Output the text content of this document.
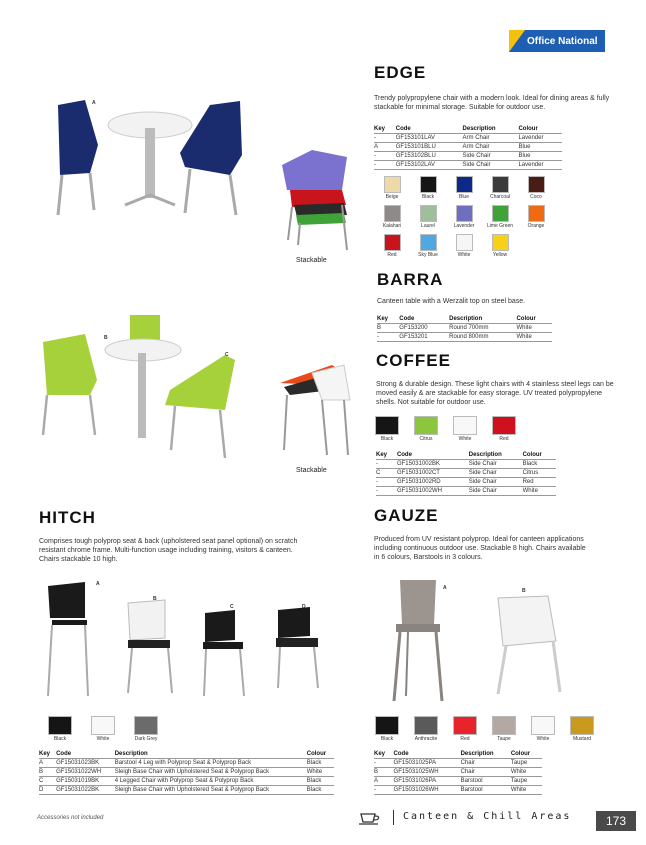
Office National
A
Stackable
EDGE
Trendy polypropylene chair with a modern look. Ideal for dining areas & fully stackable for minimal storage. Suitable for outdoor use.
Key	Code	Description	Colour
-	GF153101LAV	Arm Chair	Lavender
A	GF153101BLU	Arm Chair	Blue
-	GF153102BLU	Side Chair	Blue
-	GF153102LAV	Side Chair	Lavender
Beige	Black	Blue	Charcoal	Coco
Kalahari	Laurel	Lavender	Lime Green	Orange
Red	Sky Blue	White	Yellow
BARRA
Canteen table with a Werzalit top on steel base.
Key	Code	Description	Colour
B	GF153200	Round 700mm	White
-	GF153201	Round 800mm	White
B
C
Stackable
COFFEE
Strong & durable design. These light chairs with 4 stainless steel legs can be moved easily & are stackable for easy storage. UV treated polypropylene shells. Not suitable for outdoor use.
Black	Citrus	White	Red
Key	Code	Description	Colour
-	GF15031002BK	Side Chair	Black
C	GF15031002CT	Side Chair	Citrus
-	GF15031002RD	Side Chair	Red
-	GF15031002WH	Side Chair	White
HITCH
Comprises tough polyprop seat & back (upholstered seat panel optional) on scratch resistant chrome frame. Multi-function usage including training, visitors & canteen. Chairs stackable 10 high.
A
B
C	D
Black	White	Dark Grey
Key	Code	Description	Colour
A	GF15031023BK	Barstool 4 Leg with Polyprop Seat & Polyprop Back	Black
B	GF15031022WH	Sleigh Base Chair with Upholstered Seat & Polyprop Back	White
C	GF15031019BK	4 Legged Chair with Polyprop Seat & Polyprop Back	Black
D	GF15031022BK	Sleigh Base Chair with Upholstered Seat & Polyprop Back	Black
GAUZE
Produced from UV resistant polyprop. Ideal for canteen applications including continuous outdoor use. Stackable 8 high. Chairs available in 6 colours, Barstools in 3 colours.
A	B
Black	Anthracite	Red	Taupe	White	Mustard
Key	Code	Description	Colour
-	GF15031025PA	Chair	Taupe
B	GF15031025WH	Chair	White
A	GF15031026PA	Barstool	Taupe
-	GF15031026WH	Barstool	White
Accessories not included	Canteen & Chill Areas	173
